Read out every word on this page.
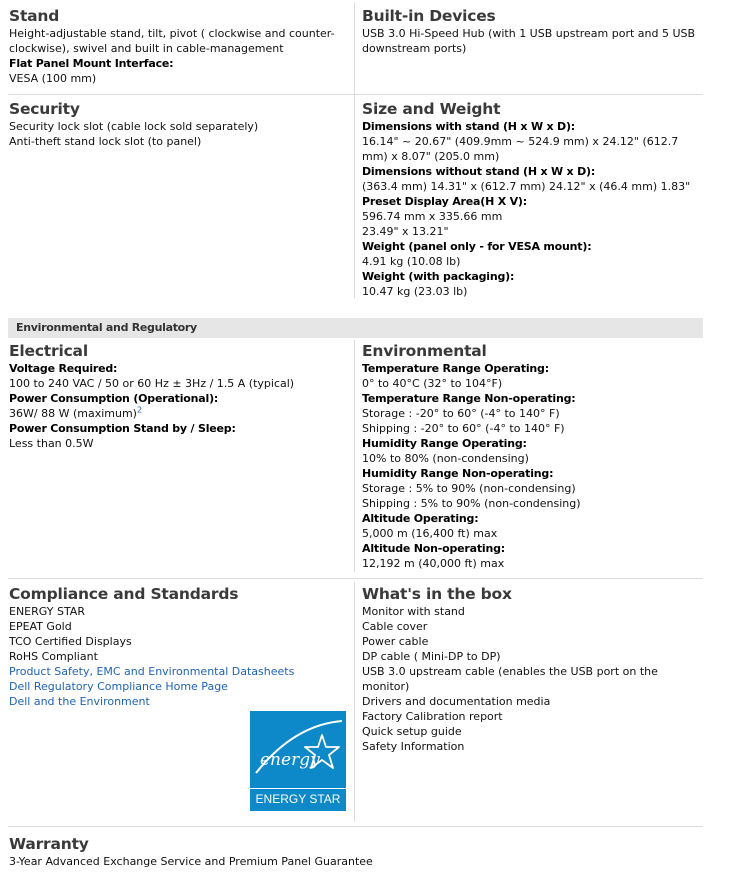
Stand
Height-adjustable stand, tilt, pivot ( clockwise and counter-clockwise), swivel and built in cable-management
Flat Panel Mount Interface:
VESA (100 mm)
Built-in Devices
USB 3.0 Hi-Speed Hub (with 1 USB upstream port and 5 USB downstream ports)
Security
Security lock slot (cable lock sold separately)
Anti-theft stand lock slot (to panel)
Size and Weight
Dimensions with stand (H x W x D):
16.14" ~ 20.67" (409.9mm ~ 524.9 mm) x 24.12" (612.7 mm) x 8.07" (205.0 mm)
Dimensions without stand (H x W x D):
(363.4 mm) 14.31" x (612.7 mm) 24.12" x (46.4 mm) 1.83"
Preset Display Area(H X V):
596.74 mm x 335.66 mm
23.49" x 13.21"
Weight (panel only - for VESA mount):
4.91 kg (10.08 lb)
Weight (with packaging):
10.47 kg (23.03 lb)
Environmental and Regulatory
Electrical
Voltage Required:
100 to 240 VAC / 50 or 60 Hz ± 3Hz / 1.5 A (typical)
Power Consumption (Operational):
36W/ 88 W (maximum)$^2$
Power Consumption Stand by / Sleep:
Less than 0.5W
Environmental
Temperature Range Operating:
0° to 40°C (32° to 104°F)
Temperature Range Non-operating:
Storage : -20° to 60° (-4° to 140° F)
Shipping : -20° to 60° (-4° to 140° F)
Humidity Range Operating:
10% to 80% (non-condensing)
Humidity Range Non-operating:
Storage : 5% to 90% (non-condensing)
Shipping : 5% to 90% (non-condensing)
Altitude Operating:
5,000 m (16,400 ft) max
Altitude Non-operating:
12,192 m (40,000 ft) max
Compliance and Standards
ENERGY STAR
EPEAT Gold
TCO Certified Displays
RoHS Compliant
Product Safety, EMC and Environmental Datasheets
Dell Regulatory Compliance Home Page
Dell and the Environment
energy
ENERGY STAR
What's in the box
Monitor with stand
Cable cover
Power cable
DP cable ( Mini-DP to DP)
USB 3.0 upstream cable (enables the USB port on the monitor)
Drivers and documentation media
Factory Calibration report
Quick setup guide
Safety Information
Warranty
3-Year Advanced Exchange Service and Premium Panel Guarantee
